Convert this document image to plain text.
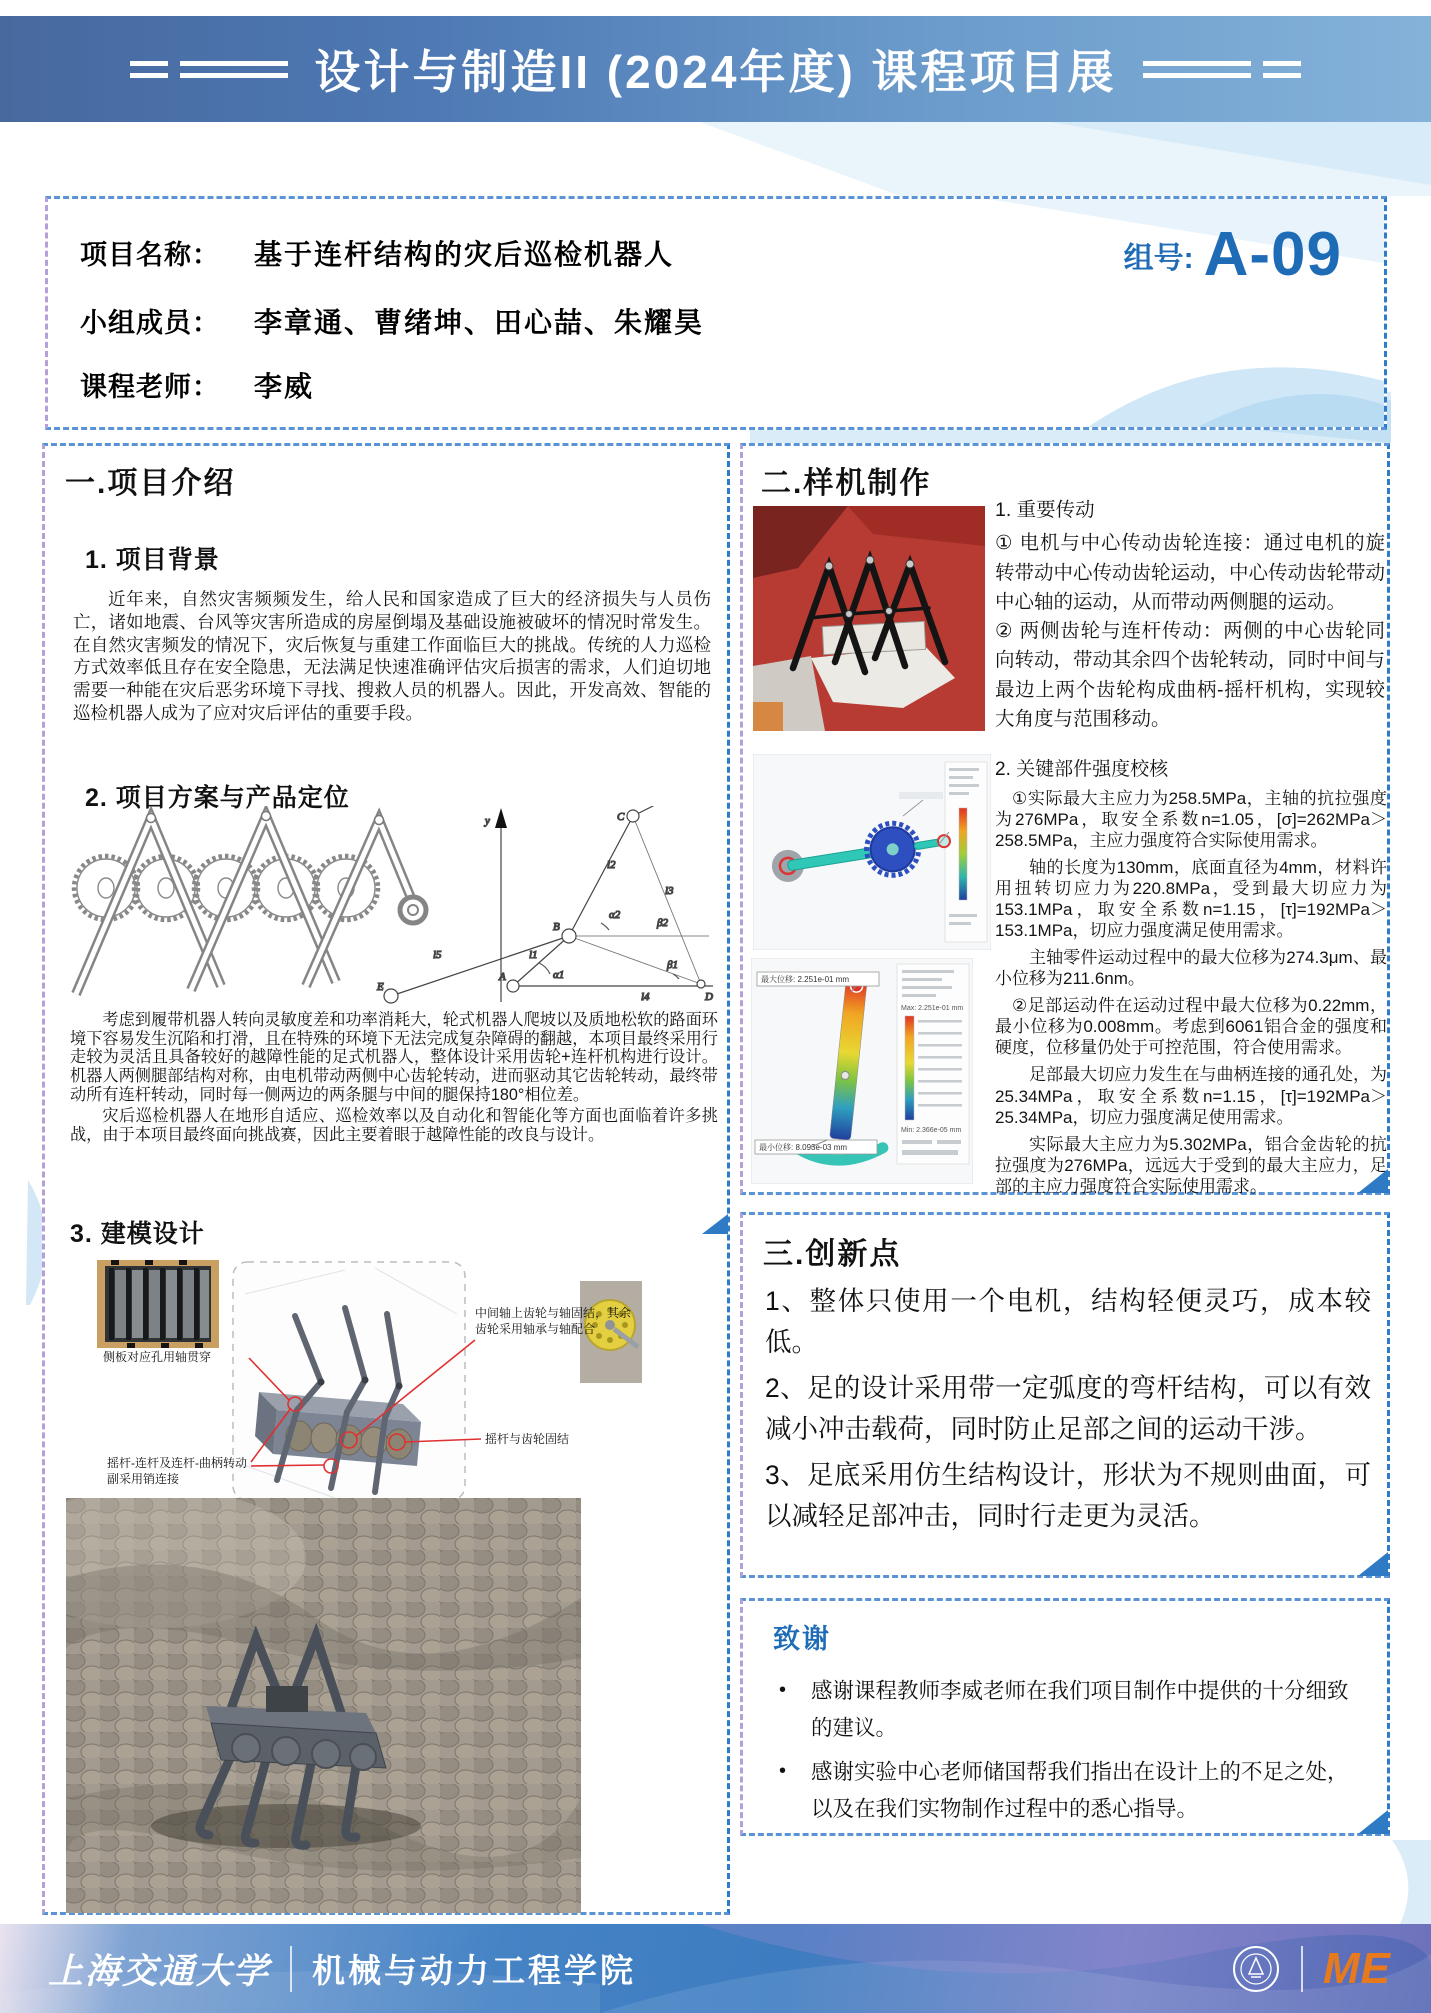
设计与制造II (2024年度) 课程项目展
项目名称： 基于连杆结构的灾后巡检机器人	组号: A-09
小组成员： 李章通、曹绪坤、田心喆、朱耀昊
课程老师： 李威
一.项目介绍
1. 项目背景

近年来，自然灾害频频发生，给人民和国家造成了巨大的经济损失与人员伤亡，诸如地震、台风等灾害所造成的房屋倒塌及基础设施被破坏的情况时常发生。在自然灾害频发的情况下，灾后恢复与重建工作面临巨大的挑战。传统的人力巡检方式效率低且存在安全隐患，无法满足快速准确评估灾后损害的需求，人们迫切地需要一种能在灾后恶劣环境下寻找、搜救人员的机器人。因此，开发高效、智能的巡检机器人成为了应对灾后评估的重要手段。

2. 项目方案与产品定位
y
A
B
C
D
E
l1
l2
l3
l4
l5
α1
α2
β1
β2

考虑到履带机器人转向灵敏度差和功率消耗大，轮式机器人爬坡以及质地松软的路面环境下容易发生沉陷和打滑，且在特殊的环境下无法完成复杂障碍的翻越，本项目最终采用行走较为灵活且具备较好的越障性能的足式机器人，整体设计采用齿轮+连杆机构进行设计。机器人两侧腿部结构对称，由电机带动两侧中心齿轮转动，进而驱动其它齿轮转动，最终带动所有连杆转动，同时每一侧两边的两条腿与中间的腿保持180°相位差。

灾后巡检机器人在地形自适应、巡检效率以及自动化和智能化等方面也面临着许多挑战，由于本项目最终面向挑战赛，因此主要着眼于越障性能的改良与设计。

3. 建模设计
侧板对应孔用轴贯穿
中间轴上齿轮与轴固结，其余齿轮采用轴承与轴配合
摇杆与齿轮固结
摇杆-连杆及连杆-曲柄转动副采用销连接
二.样机制作

1. 重要传动

① 电机与中心传动齿轮连接：通过电机的旋转带动中心传动齿轮运动，中心传动齿轮带动中心轴的运动，从而带动两侧腿的运动。

② 两侧齿轮与连杆传动：两侧的中心齿轮同向转动，带动其余四个齿轮转动，同时中间与最边上两个齿轮构成曲柄-摇杆机构，实现较大角度与范围移动。

Max: 2.251e-01 mm
Min: 2.366e-05 mm
最大位移: 2.251e-01 mm
最小位移: 8.093e-03 mm

2. 关键部件强度校核

①实际最大主应力为258.5MPa，主轴的抗拉强度为276MPa，取安全系数n=1.05，[σ]=262MPa＞258.5MPa，主应力强度符合实际使用需求。

轴的长度为130mm，底面直径为4mm，材料许用扭转切应力为220.8MPa，受到最大切应力为153.1MPa，取安全系数n=1.15，[τ]=192MPa＞153.1MPa，切应力强度满足使用需求。

主轴零件运动过程中的最大位移为274.3μm、最小位移为211.6nm。

②足部运动件在运动过程中最大位移为0.22mm，最小位移为0.008mm。考虑到6061铝合金的强度和硬度，位移量仍处于可控范围，符合使用需求。

足部最大切应力发生在与曲柄连接的通孔处，为25.34MPa，取安全系数n=1.15，[τ]=192MPa＞25.34MPa，切应力强度满足使用需求。

实际最大主应力为5.302MPa，铝合金齿轮的抗拉强度为276MPa，远远大于受到的最大主应力，足部的主应力强度符合实际使用需求。

三.创新点

1、整体只使用一个电机，结构轻便灵巧，成本较低。

2、足的设计采用带一定弧度的弯杆结构，可以有效减小冲击载荷，同时防止足部之间的运动干涉。

3、足底采用仿生结构设计，形状为不规则曲面，可以减轻足部冲击，同时行走更为灵活。

致谢
• 感谢课程教师李威老师在我们项目制作中提供的十分细致的建议。
• 感谢实验中心老师储国帮我们指出在设计上的不足之处，以及在我们实物制作过程中的悉心指导。
上海交通大学 机械与动力工程学院	ME
